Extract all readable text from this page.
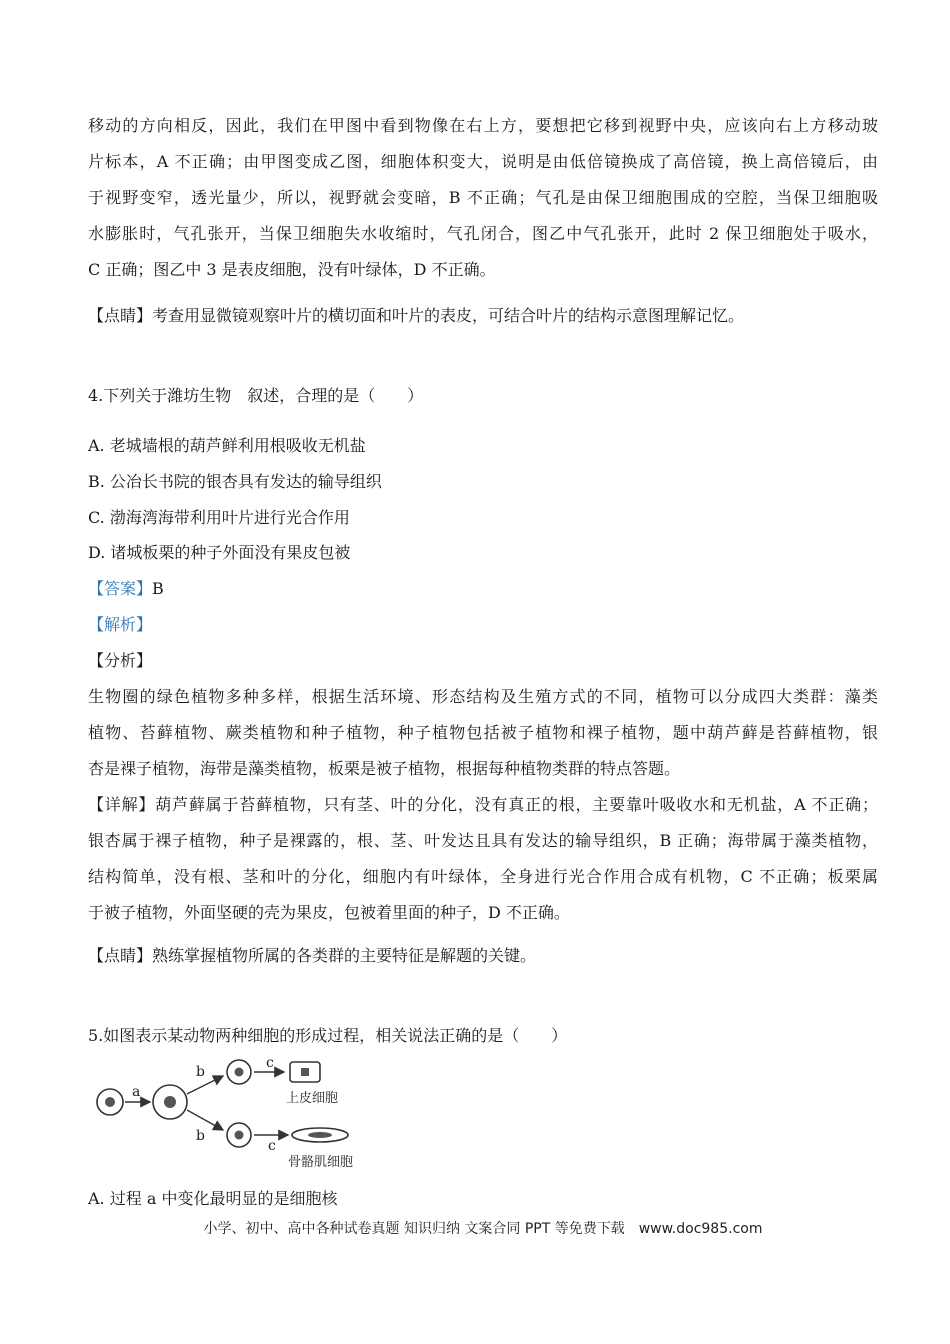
移动的方向相反，因此，我们在甲图中看到物像在右上方，要想把它移到视野中央，应该向右上方移动玻
片标本，A 不正确；由甲图变成乙图，细胞体积变大，说明是由低倍镜换成了高倍镜，换上高倍镜后，由
于视野变窄，透光量少，所以，视野就会变暗，B 不正确；气孔是由保卫细胞围成的空腔，当保卫细胞吸
水膨胀时，气孔张开，当保卫细胞失水收缩时，气孔闭合，图乙中气孔张开，此时 2 保卫细胞处于吸水，
C 正确；图乙中 3 是表皮细胞，没有叶绿体，D 不正确。

【点睛】考查用显微镜观察叶片的横切面和叶片的表皮，可结合叶片的结构示意图理解记忆。

4.下列关于潍坊生物　叙述，合理的是（　　）

A. 老城墙根的葫芦鲜利用根吸收无机盐

B. 公冶长书院的银杏具有发达的输导组织

C. 渤海湾海带利用叶片进行光合作用

D. 诸城板栗的种子外面没有果皮包被

【答案】B

【解析】

【分析】

生物圈的绿色植物多种多样，根据生活环境、形态结构及生殖方式的不同，植物可以分成四大类群：藻类
植物、苔藓植物、蕨类植物和种子植物，种子植物包括被子植物和裸子植物，题中葫芦藓是苔藓植物，银
杏是裸子植物，海带是藻类植物，板栗是被子植物，根据每种植物类群的特点答题。
【详解】葫芦藓属于苔藓植物，只有茎、叶的分化，没有真正的根，主要靠叶吸收水和无机盐，A 不正确；
银杏属于裸子植物，种子是裸露的，根、茎、叶发达且具有发达的输导组织，B 正确；海带属于藻类植物，
结构简单，没有根、茎和叶的分化，细胞内有叶绿体，全身进行光合作用合成有机物，C 不正确；板栗属
于被子植物，外面坚硬的壳为果皮，包被着里面的种子，D 不正确。

【点睛】熟练掌握植物所属的各类群的主要特征是解题的关键。

5.如图表示某动物两种细胞的形成过程，相关说法正确的是（　　）

a
b
c
上皮细胞
b
c
骨骼肌细胞

A. 过程 a 中变化最明显的是细胞核

小学、初中、高中各种试卷真题 知识归纳 文案合同 PPT 等免费下载　www.doc985.com
